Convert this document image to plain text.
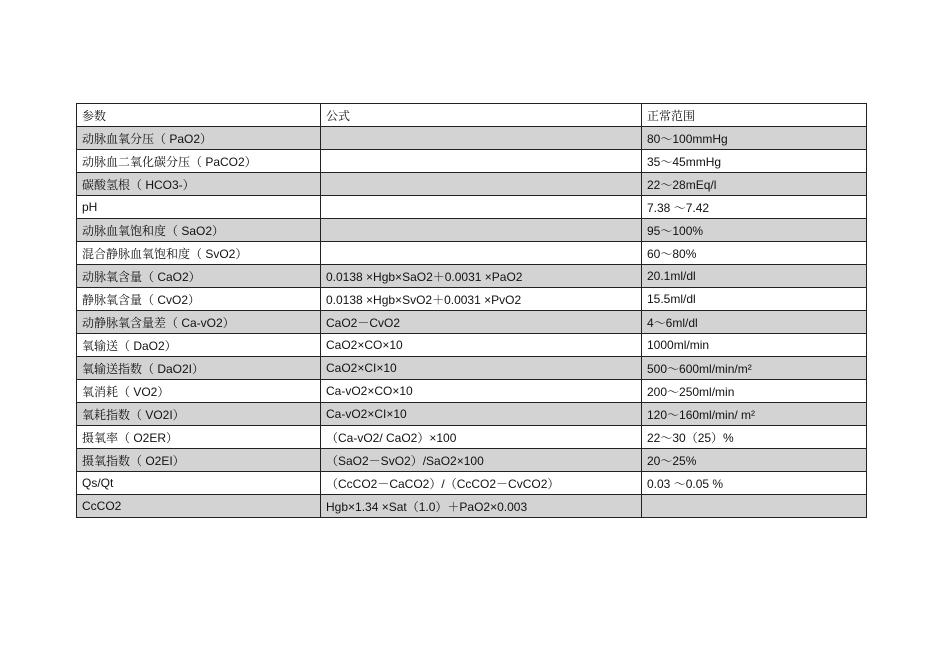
参数	公式	正常范围
动脉血氧分压（ PaO2）		80～100mmHg
动脉血二氧化碳分压（ PaCO2）		35～45mmHg
碳酸氢根（ HCO3-）		22～28mEq/l
pH		7.38 ～7.42
动脉血氧饱和度（ SaO2）		95～100%
混合静脉血氧饱和度（ SvO2）		60～80%
动脉氧含量（ CaO2）	0.0138 ×Hgb×SaO2＋0.0031 ×PaO2	20.1ml/dl
静脉氧含量（ CvO2）	0.0138 ×Hgb×SvO2＋0.0031 ×PvO2	15.5ml/dl
动静脉氧含量差（ Ca-vO2）	CaO2－CvO2	4～6ml/dl
氧输送（ DaO2）	CaO2×CO×10	1000ml/min
氧输送指数（ DaO2I）	CaO2×CI×10	500～600ml/min/m²
氧消耗（ VO2）	Ca-vO2×CO×10	200～250ml/min
氧耗指数（ VO2I）	Ca-vO2×CI×10	120～160ml/min/ m²
摄氧率（ O2ER）	（Ca-vO2/ CaO2）×100	22～30（25）%
摄氧指数（ O2EI）	（SaO2－SvO2）/SaO2×100	20～25%
Qs/Qt	（CcCO2－CaCO2）/（CcCO2－CvCO2）	0.03 ～0.05 %
CcCO2	Hgb×1.34 ×Sat（1.0）＋PaO2×0.003	
